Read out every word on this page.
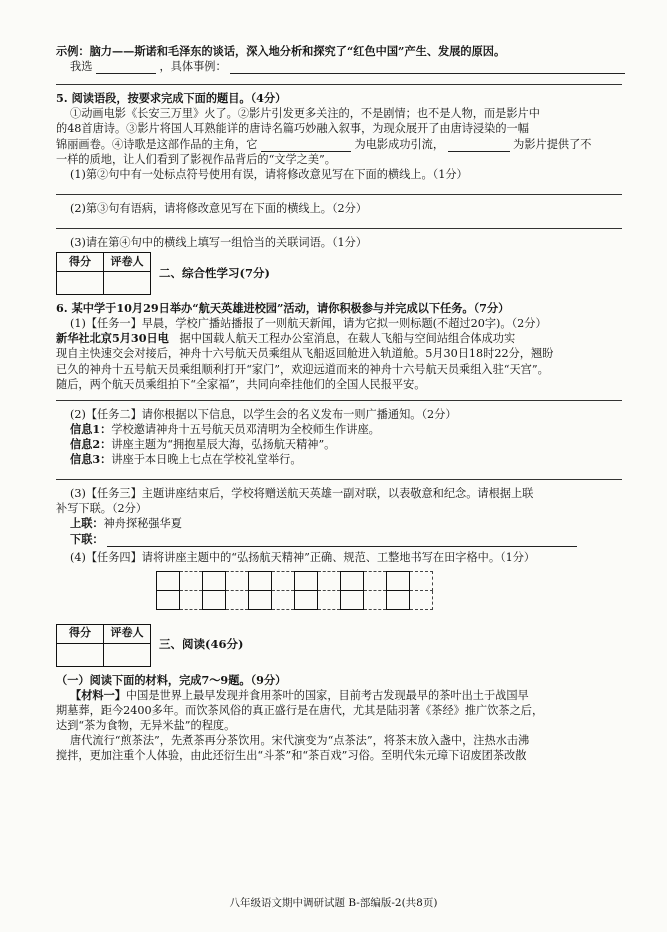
示例：脑力——斯诺和毛泽东的谈话，深入地分析和探究了“红色中国”产生、发展的原因。
我选	，具体事例：
5. 阅读语段，按要求完成下面的题目。（4分）
①动画电影《长安三万里》火了。②影片引发更多关注的，不是剧情；也不是人物，而是影片中
的48首唐诗。③影片将国人耳熟能详的唐诗名篇巧妙融入叙事，为现众展开了由唐诗浸染的一幅
锦丽画卷。④诗歌是这部作品的主角，它	为电影成功引流，	为影片提供了不
一样的质地，让人们看到了影视作品背后的“文学之美”。
(1)第②句中有一处标点符号使用有误，请将修改意见写在下面的横线上。（1分）
(2)第③句有语病，请将修改意见写在下面的横线上。（2分）
(3)请在第④句中的横线上填写一组恰当的关联词语。（1分）
得分	评卷人

二、综合性学习(7分)
6. 某中学于10月29日举办“航天英雄进校园”活动，请你积极参与并完成以下任务。（7分）
(1)【任务一】早晨，学校广播站播报了一则航天新闻，请为它拟一则标题(不超过20字)。（2分）
新华社北京5月30日电 据中国载人航天工程办公室消息，在载人飞船与空间站组合体成功实
现自主快速交会对接后，神舟十六号航天员乘组从飞船返回舱进入轨道舱。5月30日18时22分，翘盼
已久的神舟十五号航天员乘组顺利打开“家门”，欢迎远道而来的神舟十六号航天员乘组入驻“天宫”。
随后，两个航天员乘组拍下“全家福”，共同向牵挂他们的全国人民报平安。
(2)【任务二】请你根据以下信息，以学生会的名义发布一则广播通知。（2分）
信息1：学校邀请神舟十五号航天员邓清明为全校师生作讲座。
信息2：讲座主题为“拥抱星辰大海，弘扬航天精神”。
信息3：讲座于本日晚上七点在学校礼堂举行。
(3)【任务三】主题讲座结束后，学校将赠送航天英雄一副对联，以表敬意和纪念。请根据上联
补写下联。（2分）
上联：神舟探秘强华夏
下联：
(4)【任务四】请将讲座主题中的“弘扬航天精神”正确、规范、工整地书写在田字格中。（1分）

得分	评卷人

三、阅读(46分)
（一）阅读下面的材料，完成7～9题。（9分）
【材料一】中国是世界上最早发现并食用茶叶的国家，目前考古发现最早的茶叶出土于战国早
期墓葬，距今2400多年。而饮茶风俗的真正盛行是在唐代，尤其是陆羽著《茶经》推广饮茶之后，
达到“茶为食物，无异米盐”的程度。
唐代流行“煎茶法”，先煮茶再分茶饮用。宋代演变为“点茶法”，将茶末放入盏中，注热水击沸
搅拌，更加注重个人体验，由此还衍生出“斗茶”和“茶百戏”习俗。至明代朱元璋下诏废团茶改散
八年级语文期中调研试题 B-部编版-2(共8页)
